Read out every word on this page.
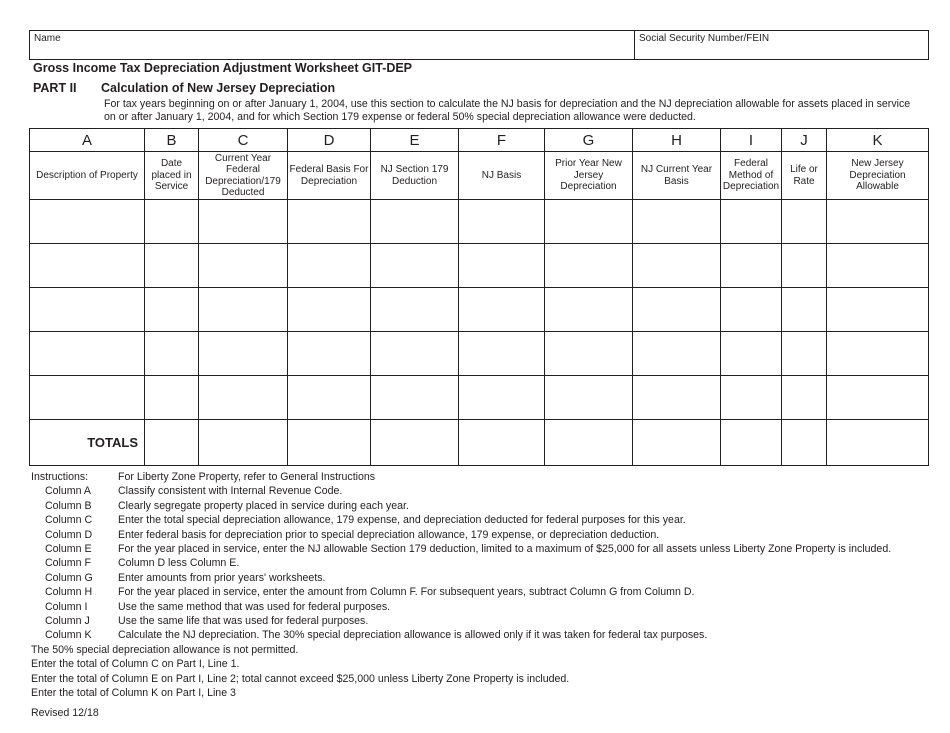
Name	Social Security Number/FEIN
Gross Income Tax Depreciation Adjustment Worksheet GIT-DEP
PART II Calculation of New Jersey Depreciation
For tax years beginning on or after January 1, 2004, use this section to calculate the NJ basis for depreciation and the NJ depreciation allowable for assets placed in service on or after January 1, 2004, and for which Section 179 expense or federal 50% special depreciation allowance were deducted.
A	B	C	D	E	F	G	H	I	J	K
Description of Property	Date placed in Service	Current Year Federal Depreciation/179 Deducted	Federal Basis For Depreciation	NJ Section 179 Deduction	NJ Basis	Prior Year New Jersey Depreciation	NJ Current Year Basis	Federal Method of Depreciation	Life or Rate	New Jersey Depreciation Allowable

TOTALS										
Instructions:	For Liberty Zone Property, refer to General Instructions
Column A	Classify consistent with Internal Revenue Code.
Column B Clearly segregate property placed in service during each year.
Column C Enter the total special depreciation allowance, 179 expense, and depreciation deducted for federal purposes for this year.
Column D Enter federal basis for depreciation prior to special depreciation allowance, 179 expense, or depreciation deduction.
Column E For the year placed in service, enter the NJ allowable Section 179 deduction, limited to a maximum of $25,000 for all assets unless Liberty Zone Property is included.
Column F	Column D less Column E.
Column G Enter amounts from prior years' worksheets.
Column H For the year placed in service, enter the amount from Column F. For subsequent years, subtract Column G from Column D.
Column I	Use the same method that was used for federal purposes.
Column J	Use the same life that was used for federal purposes.
Column K Calculate the NJ depreciation. The 30% special depreciation allowance is allowed only if it was taken for federal tax purposes.
The 50% special depreciation allowance is not permitted.
Enter the total of Column C on Part I, Line 1.
Enter the total of Column E on Part I, Line 2; total cannot exceed $25,000 unless Liberty Zone Property is included.
Enter the total of Column K on Part I, Line 3
Revised 12/18
